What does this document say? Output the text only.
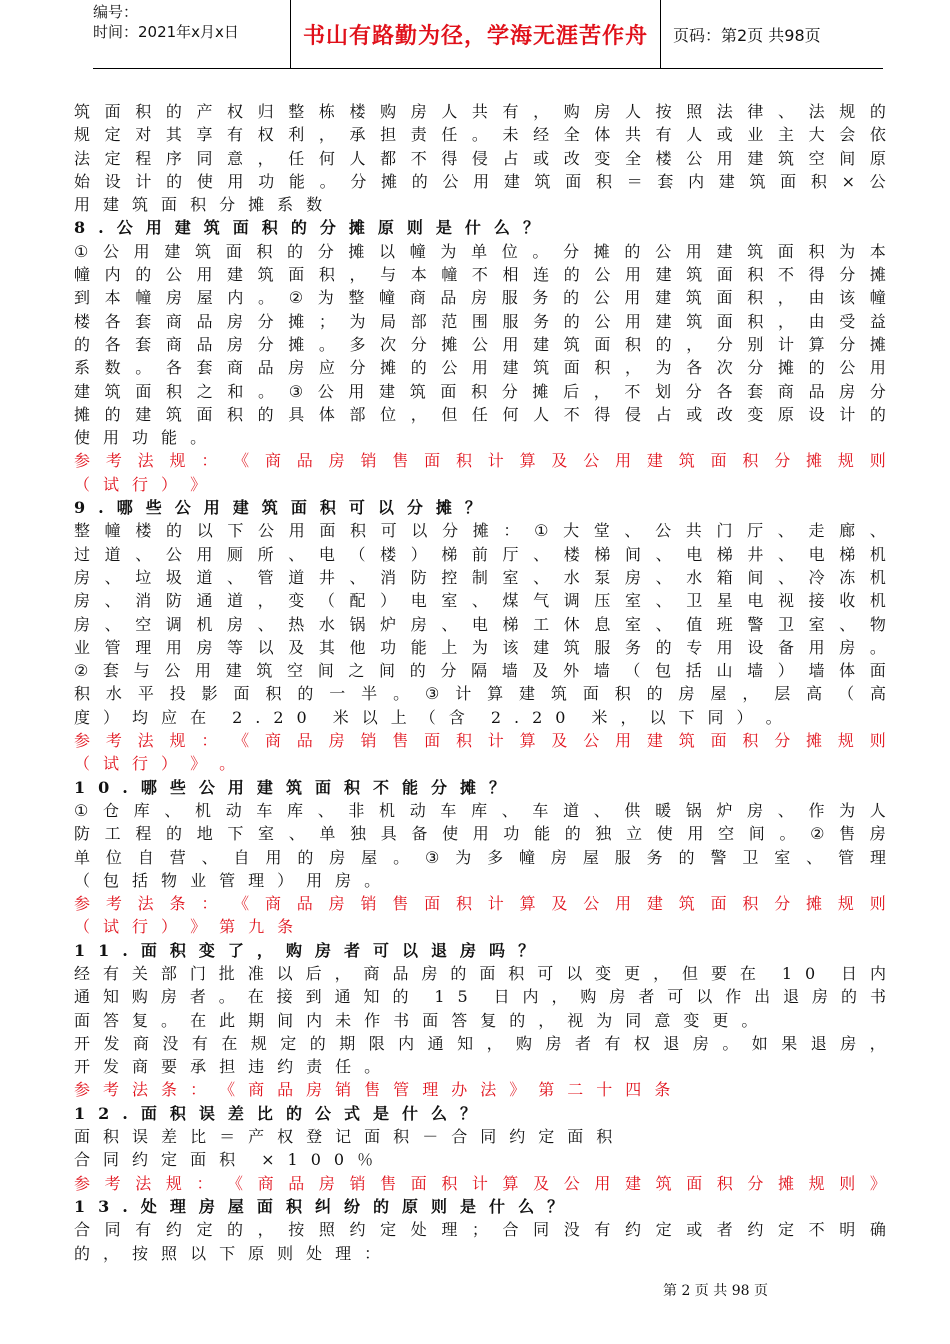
编号：
时间：2021年x月x日	书山有路勤为径，学海无涯苦作舟	页码：第2页 共98页
筑 面 积 的 产 权 归 整 栋 楼 购 房 人 共 有 ， 购 房 人 按 照 法 律 、 法 规 的
规 定 对 其 享 有 权 利 ， 承 担 责 任 。 未 经 全 体 共 有 人 或 业 主 大 会 依
法 定 程 序 同 意 ， 任 何 人 都 不 得 侵 占 或 改 变 全 楼 公 用 建 筑 空 间 原
始 设 计 的 使 用 功 能 。 分 摊 的 公 用 建 筑 面 积 ＝ 套 内 建 筑 面 积 × 公
用 建 筑 面 积 分 摊 系 数
8 . 公 用 建 筑 面 积 的 分 摊 原 则 是 什 么 ？
① 公 用 建 筑 面 积 的 分 摊 以 幢 为 单 位 。 分 摊 的 公 用 建 筑 面 积 为 本
幢 内 的 公 用 建 筑 面 积 ， 与 本 幢 不 相 连 的 公 用 建 筑 面 积 不 得 分 摊
到 本 幢 房 屋 内 。 ② 为 整 幢 商 品 房 服 务 的 公 用 建 筑 面 积 ， 由 该 幢
楼 各 套 商 品 房 分 摊 ； 为 局 部 范 围 服 务 的 公 用 建 筑 面 积 ， 由 受 益
的 各 套 商 品 房 分 摊 。 多 次 分 摊 公 用 建 筑 面 积 的 ， 分 别 计 算 分 摊
系 数 。 各 套 商 品 房 应 分 摊 的 公 用 建 筑 面 积 ， 为 各 次 分 摊 的 公 用
建 筑 面 积 之 和 。 ③ 公 用 建 筑 面 积 分 摊 后 ， 不 划 分 各 套 商 品 房 分
摊 的 建 筑 面 积 的 具 体 部 位 ， 但 任 何 人 不 得 侵 占 或 改 变 原 设 计 的
使 用 功 能 。
参 考 法 规 ： 《 商 品 房 销 售 面 积 计 算 及 公 用 建 筑 面 积 分 摊 规 则
（ 试 行 ） 》
9 . 哪 些 公 用 建 筑 面 积 可 以 分 摊 ？
整 幢 楼 的 以 下 公 用 面 积 可 以 分 摊 ： ① 大 堂 、 公 共 门 厅 、 走 廊 、
过 道 、 公 用 厕 所 、 电 （ 楼 ） 梯 前 厅 、 楼 梯 间 、 电 梯 井 、 电 梯 机
房 、 垃 圾 道 、 管 道 井 、 消 防 控 制 室 、 水 泵 房 、 水 箱 间 、 冷 冻 机
房 、 消 防 通 道 ， 变 （ 配 ） 电 室 、 煤 气 调 压 室 、 卫 星 电 视 接 收 机
房 、 空 调 机 房 、 热 水 锅 炉 房 、 电 梯 工 休 息 室 、 值 班 警 卫 室 、 物
业 管 理 用 房 等 以 及 其 他 功 能 上 为 该 建 筑 服 务 的 专 用 设 备 用 房 。
② 套 与 公 用 建 筑 空 间 之 间 的 分 隔 墙 及 外 墙 （ 包 括 山 墙 ） 墙 体 面
积 水 平 投 影 面 积 的 一 半 。 ③ 计 算 建 筑 面 积 的 房 屋 ， 层 高 （ 高
度 ） 均 应 在 2 . 2 0 米 以 上 （ 含 2 . 2 0 米 ， 以 下 同 ） 。
参 考 法 规 ： 《 商 品 房 销 售 面 积 计 算 及 公 用 建 筑 面 积 分 摊 规 则
（ 试 行 ） 》 。
1 0 . 哪 些 公 用 建 筑 面 积 不 能 分 摊 ？
① 仓 库 、 机 动 车 库 、 非 机 动 车 库 、 车 道 、 供 暖 锅 炉 房 、 作 为 人
防 工 程 的 地 下 室 、 单 独 具 备 使 用 功 能 的 独 立 使 用 空 间 。 ② 售 房
单 位 自 营 、 自 用 的 房 屋 。 ③ 为 多 幢 房 屋 服 务 的 警 卫 室 、 管 理
（ 包 括 物 业 管 理 ） 用 房 。
参 考 法 条 ： 《 商 品 房 销 售 面 积 计 算 及 公 用 建 筑 面 积 分 摊 规 则
（ 试 行 ） 》 第 九 条
1 1 . 面 积 变 了 ， 购 房 者 可 以 退 房 吗 ？
经 有 关 部 门 批 准 以 后 ， 商 品 房 的 面 积 可 以 变 更 ， 但 要 在 1 0 日 内
通 知 购 房 者 。 在 接 到 通 知 的 1 5 日 内 ， 购 房 者 可 以 作 出 退 房 的 书
面 答 复 。 在 此 期 间 内 未 作 书 面 答 复 的 ， 视 为 同 意 变 更 。
开 发 商 没 有 在 规 定 的 期 限 内 通 知 ， 购 房 者 有 权 退 房 。 如 果 退 房 ，
开 发 商 要 承 担 违 约 责 任 。
参 考 法 条 ： 《 商 品 房 销 售 管 理 办 法 》 第 二 十 四 条
1 2 . 面 积 误 差 比 的 公 式 是 什 么 ？
面 积 误 差 比 ＝ 产 权 登 记 面 积 － 合 同 约 定 面 积
合 同 约 定 面 积 × 1 0 0 ％
参 考 法 规 ： 《 商 品 房 销 售 面 积 计 算 及 公 用 建 筑 面 积 分 摊 规 则 》
1 3 . 处 理 房 屋 面 积 纠 纷 的 原 则 是 什 么 ？
合 同 有 约 定 的 ， 按 照 约 定 处 理 ； 合 同 没 有 约 定 或 者 约 定 不 明 确
的 ， 按 照 以 下 原 则 处 理 ：
第 2 页 共 98 页
